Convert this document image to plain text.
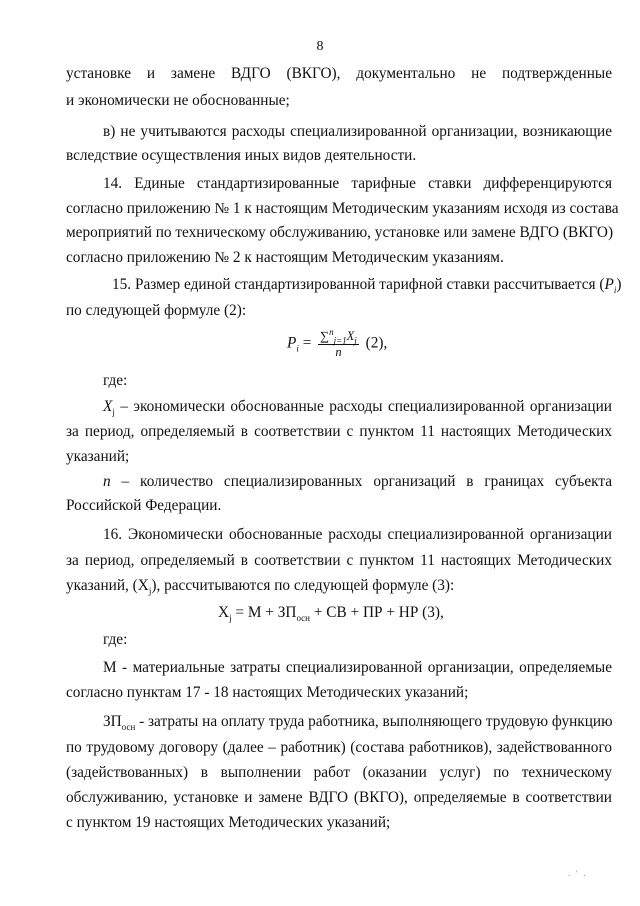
8
установке и замене ВДГО (ВКГО), документально не подтвержденные
и экономически не обоснованные;
в) не учитываются расходы специализированной организации, возникающие
вследствие осуществления иных видов деятельности.
14. Единые стандартизированные тарифные ставки дифференцируются
согласно приложению № 1 к настоящим Методическим указаниям исходя из состава
мероприятий по техническому обслуживанию, установке или замене ВДГО (ВКГО)
согласно приложению № 2 к настоящим Методическим указаниям.
15. Размер единой стандартизированной тарифной ставки рассчитывается $(P_i)$
по следующей формуле (2):
$P_i = \frac{\sum^n_{j=1}X_j}{n} (2)$,
где:
$X_j$ – экономически обоснованные расходы специализированной организации
за период, определяемый в соответствии с пунктом 11 настоящих Методических
указаний;
n – количество специализированных организаций в границах субъекта
Российской Федерации.
16. Экономически обоснованные расходы специализированной организации
за период, определяемый в соответствии с пунктом 11 настоящих Методических
указаний, $(X_j)$, рассчитываются по следующей формуле (3):
$X_j = М + ЗП_{осн}$ + СВ + ПР + НР (3),
где:
М - материальные затраты специализированной организации, определяемые
согласно пунктам 17 - 18 настоящих Методических указаний;
$ЗП_{осн}$ - затраты на оплату труда работника, выполняющего трудовую функцию
по трудовому договору (далее – работник) (состава работников), задействованного
(задействованных) в выполнении работ (оказании услуг) по техническому
обслуживанию, установке и замене ВДГО (ВКГО), определяемые в соответствии
с пунктом 19 настоящих Методических указаний;
. ' .
